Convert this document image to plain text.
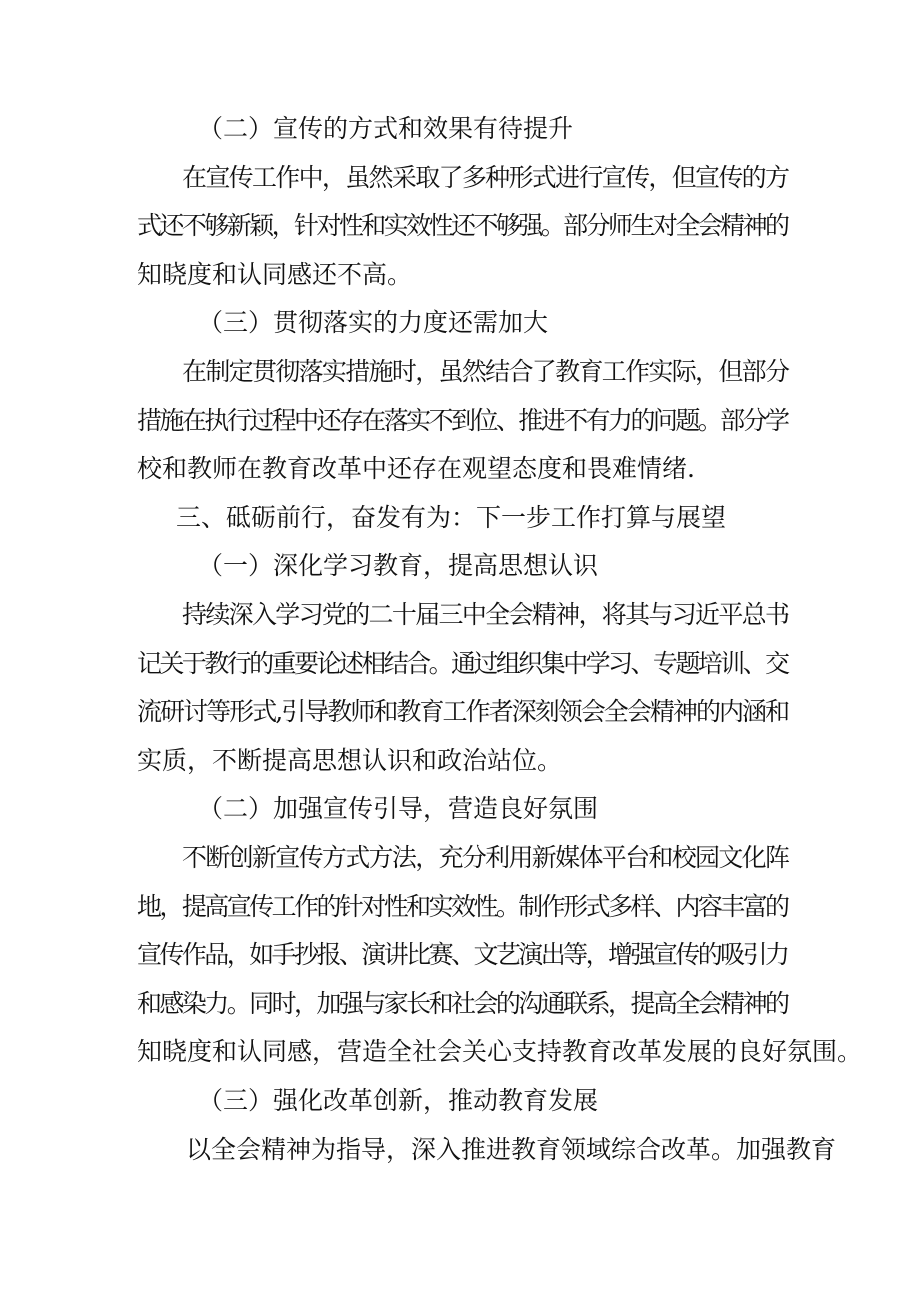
（二）宣传的方式和效果有待提升
在宣传工作中，虽然采取了多种形式进行宣传，但宣传的方
式还不够新颖，针对性和实效性还不够强。部分师生对全会精神的
知晓度和认同感还不高。
（三）贯彻落实的力度还需加大
在制定贯彻落实措施时，虽然结合了教育工作实际，但部分
措施在执行过程中还存在落实不到位、推进不有力的问题。部分学
校和教师在教育改革中还存在观望态度和畏难情绪.
三、砥砺前行，奋发有为：下一步工作打算与展望
（一）深化学习教育，提高思想认识
持续深入学习党的二十届三中全会精神，将其与习近平总书
记关于教行的重要论述相结合。通过组织集中学习、专题培训、交
流研讨等形式,引导教师和教育工作者深刻领会全会精神的内涵和
实质，不断提高思想认识和政治站位。
（二）加强宣传引导，营造良好氛围
不断创新宣传方式方法，充分利用新媒体平台和校园文化阵
地，提高宣传工作的针对性和实效性。制作形式多样、内容丰富的
宣传作品，如手抄报、演讲比赛、文艺演出等，增强宣传的吸引力
和感染力。同时，加强与家长和社会的沟通联系，提高全会精神的
知晓度和认同感，营造全社会关心支持教育改革发展的良好氛围。
（三）强化改革创新，推动教育发展
以全会精神为指导，深入推进教育领域综合改革。加强教育
